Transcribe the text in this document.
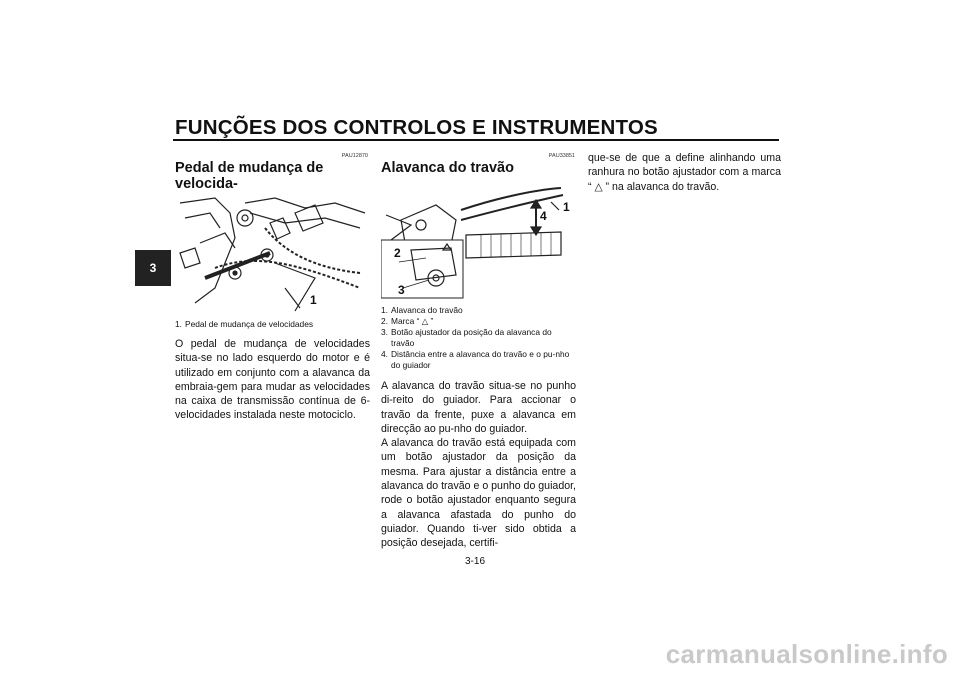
FUNÇÕES DOS CONTROLOS E INSTRUMENTOS
3
PAU12870
Pedal de mudança de velocida-
1
1. Pedal de mudança de velocidades

O pedal de mudança de velocidades situa-se no lado esquerdo do motor e é utilizado em conjunto com a alavanca da embraia-gem para mudar as velocidades na caixa de transmissão contínua de 6-velocidades instalada neste motociclo.

PAU33851
Alavanca do travão
1
2
3
4
1. Alavanca do travão
2. Marca “ △ ”
3. Botão ajustador da posição da alavanca do travão
4. Distância entre a alavanca do travão e o pu-nho do guiador

A alavanca do travão situa-se no punho di-reito do guiador. Para accionar o travão da frente, puxe a alavanca em direcção ao pu-nho do guiador.

A alavanca do travão está equipada com um botão ajustador da posição da mesma. Para ajustar a distância entre a alavanca do travão e o punho do guiador, rode o botão ajustador enquanto segura a alavanca afastada do punho do guiador. Quando ti-ver sido obtida a posição desejada, certifi-

que-se de que a define alinhando uma ranhura no botão ajustador com a marca “ △ ” na alavanca do travão.

3-16
carmanualsonline.info
